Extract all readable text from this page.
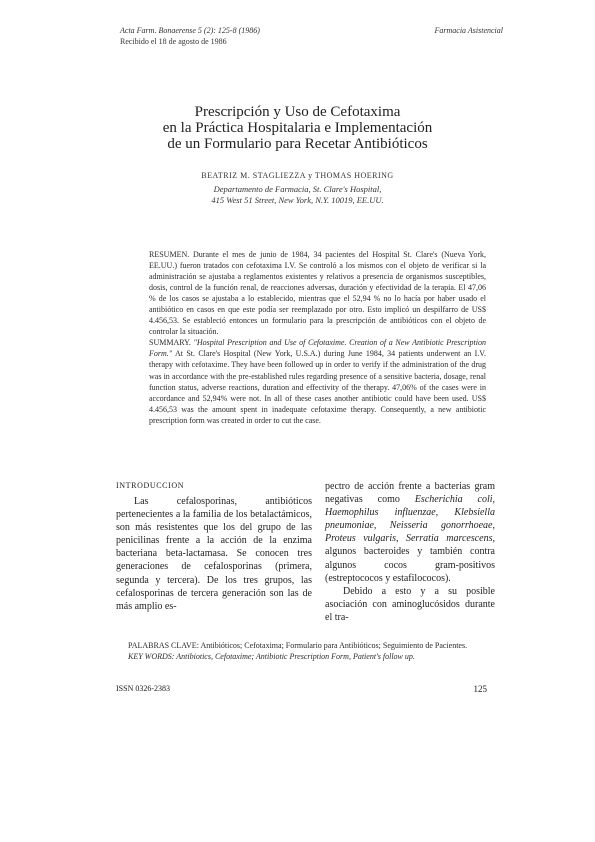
Acta Farm. Bonaerense 5 (2): 125-8 (1986)
Recibido el 18 de agosto de 1986
Farmacia Asistencial
Prescripción y Uso de Cefotaxima
en la Práctica Hospitalaria e Implementación
de un Formulario para Recetar Antibióticos
BEATRIZ M. STAGLIEZZA y THOMAS HOERING
Departamento de Farmacia, St. Clare's Hospital,
415 West 51 Street, New York, N.Y. 10019, EE.UU.

RESUMEN. Durante el mes de junio de 1984, 34 pacientes del Hospital St. Clare's (Nueva York, EE.UU.) fueron tratados con cefotaxima I.V. Se controló a los mismos con el objeto de verificar si la administración se ajustaba a reglamentos existentes y relativos a presencia de organismos susceptibles, dosis, control de la función renal, de reacciones adversas, duración y efectividad de la terapia. El 47,06 % de los casos se ajustaba a lo establecido, mientras que el 52,94 % no lo hacía por haber usado el antibiótico en casos en que este podía ser reemplazado por otro. Esto implicó un despilfarro de US$ 4.456,53. Se estableció entonces un formulario para la prescripción de antibióticos con el objeto de controlar la situación.

SUMMARY. "Hospital Prescription and Use of Cefotaxime. Creation of a New Antibiotic Prescription Form." At St. Clare's Hospital (New York, U.S.A.) during June 1984, 34 patients underwent an I.V. therapy with cefotaxime. They have been followed up in order to verify if the administration of the drug was in accordance with the pre-established rules regarding presence of a sensitive bacteria, dosage, renal function status, adverse reactions, duration and effectivity of the therapy. 47,06% of the cases were in accordance and 52,94% were not. In all of these cases another antibiotic could have been used. US$ 4.456,53 was the amount spent in inadequate cefotaxime therapy. Consequently, a new antibiotic prescription form was created in order to cut the case.

INTRODUCCION

Las cefalosporinas, antibióticos pertenecientes a la familia de los betalactámicos, son más resistentes que los del grupo de las penicilinas frente a la acción de la enzima bacteriana beta-lactamasa. Se conocen tres generaciones de cefalosporinas (primera, segunda y tercera). De los tres grupos, las cefalosporinas de tercera generación son las de más amplio es-

pectro de acción frente a bacterias gram negativas como Escherichia coli, Haemophilus influenzae, Klebsiella pneumoniae, Neisseria gonorrhoeae, Proteus vulgaris, Serratia marcescens, algunos bacteroides y también contra algunos cocos gram-positivos (estreptococos y estafilococos).

Debido a esto y a su posible asociación con aminoglucósidos durante el tra-

PALABRAS CLAVE: Antibióticos; Cefotaxima; Formulario para Antibióticos; Seguimiento de Pacientes.

KEY WORDS: Antibiotics, Cefotaxime; Antibiotic Prescription Form, Patient's follow up.

ISSN 0326-2383	125
